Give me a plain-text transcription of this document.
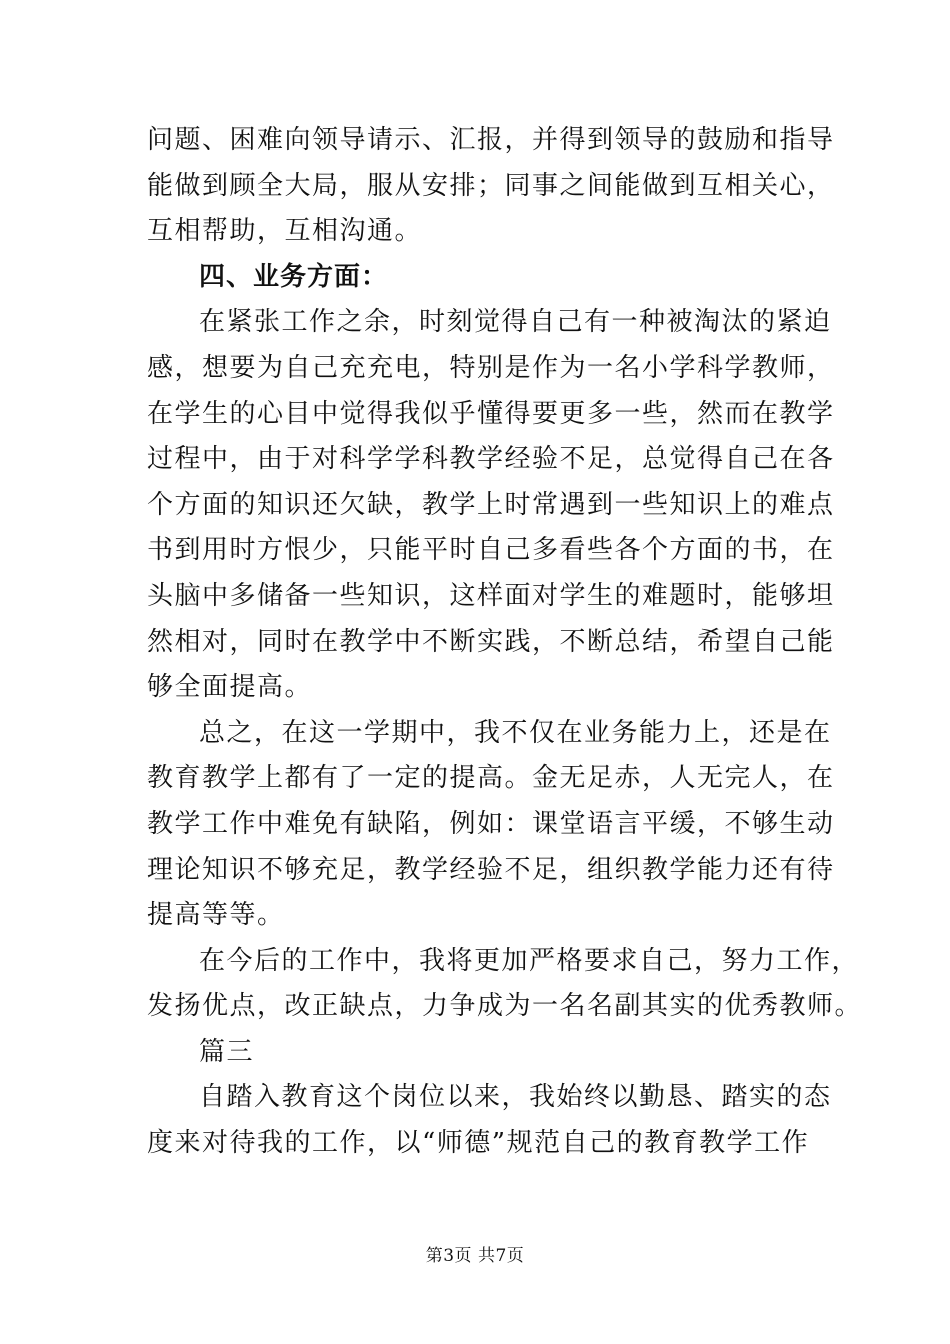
问题、困难向领导请示、汇报，并得到领导的鼓励和指导
能做到顾全大局，服从安排；同事之间能做到互相关心，
互相帮助，互相沟通。
四、业务方面：
在紧张工作之余，时刻觉得自己有一种被淘汰的紧迫
感，想要为自己充充电，特别是作为一名小学科学教师，
在学生的心目中觉得我似乎懂得要更多一些，然而在教学
过程中，由于对科学学科教学经验不足，总觉得自己在各
个方面的知识还欠缺，教学上时常遇到一些知识上的难点
书到用时方恨少，只能平时自己多看些各个方面的书，在
头脑中多储备一些知识，这样面对学生的难题时，能够坦
然相对，同时在教学中不断实践，不断总结，希望自己能
够全面提高。
总之，在这一学期中，我不仅在业务能力上，还是在
教育教学上都有了一定的提高。金无足赤，人无完人，在
教学工作中难免有缺陷，例如：课堂语言平缓，不够生动
理论知识不够充足，教学经验不足，组织教学能力还有待
提高等等。
在今后的工作中，我将更加严格要求自己，努力工作，
发扬优点，改正缺点，力争成为一名名副其实的优秀教师。
篇三
自踏入教育这个岗位以来，我始终以勤恳、踏实的态
度来对待我的工作，以“师德”规范自己的教育教学工作
第3页 共7页
